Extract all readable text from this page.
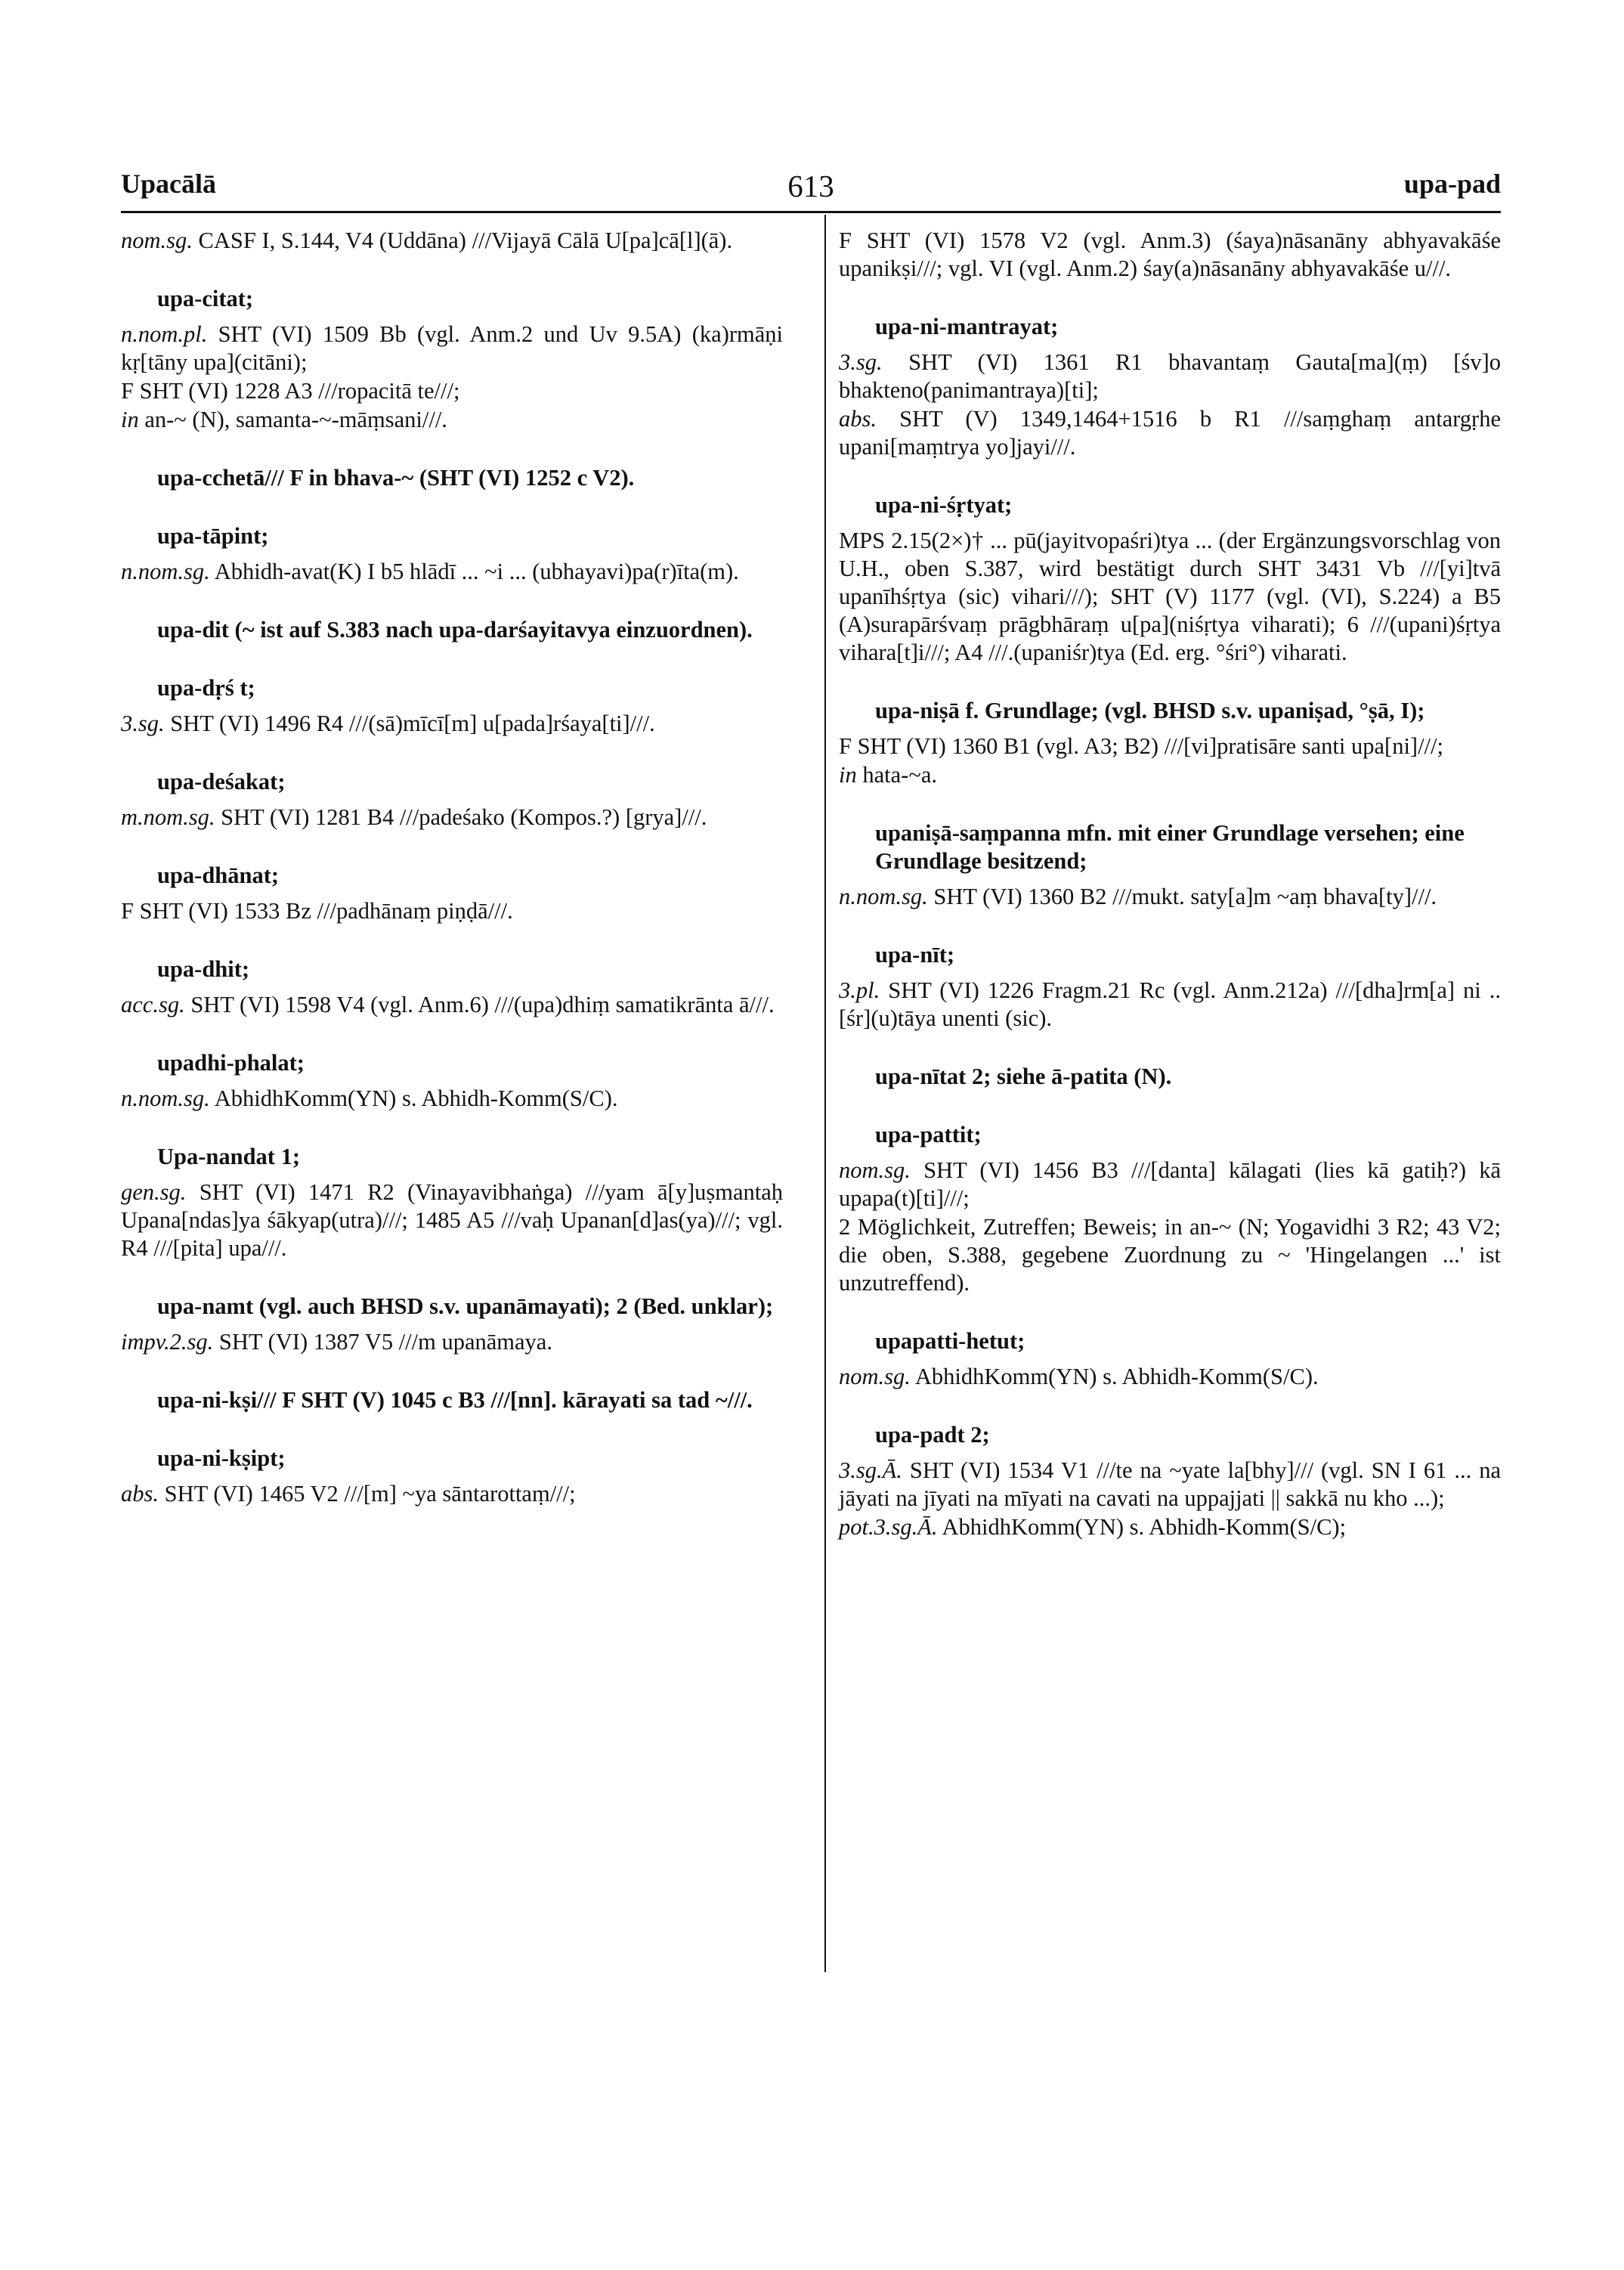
Upacālā	613	upa-pad

nom.sg. CASF I, S.144, V4 (Uddāna) ///Vijayā Cālā U[pa]cā[l](ā).

upa-citat;

n.nom.pl. SHT (VI) 1509 Bb (vgl. Anm.2 und Uv 9.5A) (ka)rmāṇi kṛ[tāny upa](citāni);

F SHT (VI) 1228 A3 ///ropacitā te///;

in an-~ (N), samanta-~-māṃsani///.

upa-cchetā/// F in bhava-~ (SHT (VI) 1252 c V2).
upa-tāpint;

n.nom.sg. Abhidh-avat(K) I b5 hlādī ... ~i ... (ubhayavi)pa(r)īta(m).

upa-dit (~ ist auf S.383 nach upa-darśayitavya einzuordnen).
upa-dṛś t;

3.sg. SHT (VI) 1496 R4 ///(sā)mīcī[m] u[pada]rśaya[ti]///.

upa-deśakat;

m.nom.sg. SHT (VI) 1281 B4 ///padeśako (Kompos.?) [grya]///.

upa-dhānat;

F SHT (VI) 1533 Bz ///padhānaṃ piṇḍā///.

upa-dhit;

acc.sg. SHT (VI) 1598 V4 (vgl. Anm.6) ///(upa)dhiṃ samatikrānta ā///.

upadhi-phalat;

n.nom.sg. AbhidhKomm(YN) s. Abhidh-Komm(S/C).

Upa-nandat 1;

gen.sg. SHT (VI) 1471 R2 (Vinayavibhaṅga) ///yam ā[y]uṣmantaḥ Upana[ndas]ya śākyap(utra)///; 1485 A5 ///vaḥ Upanan[d]as(ya)///; vgl. R4 ///[pita] upa///.

upa-namt (vgl. auch BHSD s.v. upanāmayati); 2 (Bed. unklar);

impv.2.sg. SHT (VI) 1387 V5 ///m upanāmaya.

upa-ni-kṣi/// F SHT (V) 1045 c B3 ///[nn]. kārayati sa tad ~///.
upa-ni-kṣipt;

abs. SHT (VI) 1465 V2 ///[m] ~ya sāntarottaṃ///;

F SHT (VI) 1578 V2 (vgl. Anm.3) (śaya)nāsanāny abhyavakāśe upanikṣi///; vgl. VI (vgl. Anm.2) śay(a)nāsanāny abhyavakāśe u///.

upa-ni-mantrayat;

3.sg. SHT (VI) 1361 R1 bhavantaṃ Gauta[ma](ṃ) [śv]o bhakteno(panimantraya)[ti];

abs. SHT (V) 1349,1464+1516 b R1 ///saṃghaṃ antargṛhe upani[maṃtrya yo]jayi///.

upa-ni-śṛtyat;

MPS 2.15(2×)† ... pū(jayitvopaśri)tya ... (der Ergänzungsvorschlag von U.H., oben S.387, wird bestätigt durch SHT 3431 Vb ///[yi]tvā upanīhśṛtya (sic) vihari///); SHT (V) 1177 (vgl. (VI), S.224) a B5 (A)surapārśvaṃ prāgbhāraṃ u[pa](niśṛtya viharati); 6 ///(upani)śṛtya vihara[t]i///; A4 ///.(upaniśr)tya (Ed. erg. °śri°) viharati.

upa-niṣā f. Grundlage; (vgl. BHSD s.v. upaniṣad, °ṣā, I);

F SHT (VI) 1360 B1 (vgl. A3; B2) ///[vi]pratisāre santi upa[ni]///;

in hata-~a.

upaniṣā-saṃpanna mfn. mit einer Grundlage versehen; eine Grundlage besitzend;

n.nom.sg. SHT (VI) 1360 B2 ///mukt. saty[a]m ~aṃ bhava[ty]///.

upa-nīt;

3.pl. SHT (VI) 1226 Fragm.21 Rc (vgl. Anm.212a) ///[dha]rm[a] ni .. [śr](u)tāya unenti (sic).

upa-nītat 2; siehe ā-patita (N).
upa-pattit;

nom.sg. SHT (VI) 1456 B3 ///[danta] kālagati (lies kā gatiḥ?) kā upapa(t)[ti]///;

2 Möglichkeit, Zutreffen; Beweis; in an-~ (N; Yogavidhi 3 R2; 43 V2; die oben, S.388, gegebene Zuordnung zu ~ 'Hingelangen ...' ist unzutreffend).

upapatti-hetut;

nom.sg. AbhidhKomm(YN) s. Abhidh-Komm(S/C).

upa-padt 2;

3.sg.Ā. SHT (VI) 1534 V1 ///te na ~yate la[bhy]/// (vgl. SN I 61 ... na jāyati na jīyati na mīyati na cavati na uppajjati || sakkā nu kho ...);

pot.3.sg.Ā. AbhidhKomm(YN) s. Abhidh-Komm(S/C);
